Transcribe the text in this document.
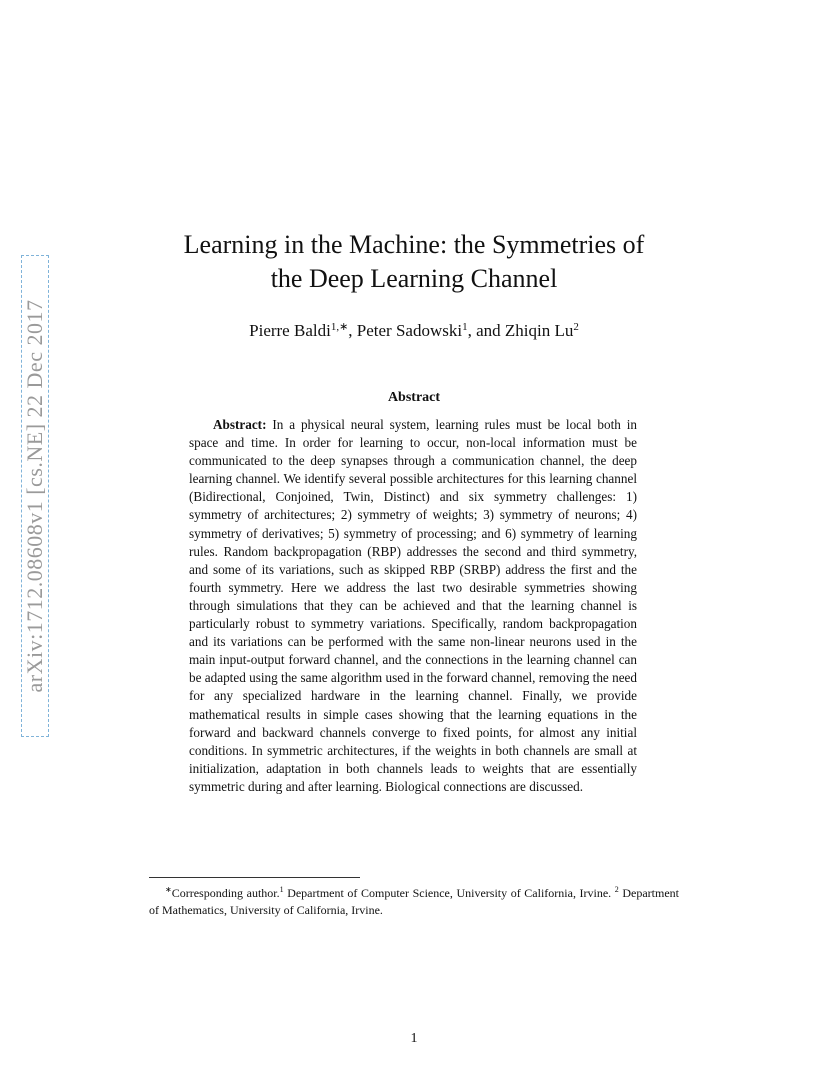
arXiv:1712.08608v1 [cs.NE] 22 Dec 2017
Learning in the Machine: the Symmetries of
the Deep Learning Channel
Pierre Baldi$^{1,∗}$, Peter Sadowski$^1$, and Zhiqin Lu$^2$
Abstract

Abstract: In a physical neural system, learning rules must be local both in space and time. In order for learning to occur, non-local information must be communicated to the deep synapses through a communication channel, the deep learning channel. We identify several possible architectures for this learning channel (Bidirectional, Conjoined, Twin, Distinct) and six symmetry challenges: 1) symmetry of architectures; 2) symmetry of weights; 3) symmetry of neurons; 4) symmetry of derivatives; 5) symmetry of processing; and 6) symmetry of learning rules. Random backpropagation (RBP) addresses the second and third symmetry, and some of its variations, such as skipped RBP (SRBP) address the first and the fourth symmetry. Here we address the last two desirable symmetries showing through simulations that they can be achieved and that the learning channel is particularly robust to symmetry variations. Specifically, random backpropagation and its variations can be performed with the same non-linear neurons used in the main input-output forward channel, and the connections in the learning channel can be adapted using the same algorithm used in the forward channel, removing the need for any specialized hardware in the learning channel. Finally, we provide mathematical results in simple cases showing that the learning equations in the forward and backward channels converge to fixed points, for almost any initial conditions. In symmetric architectures, if the weights in both channels are small at initialization, adaptation in both channels leads to weights that are essentially symmetric during and after learning. Biological connections are discussed.

∗Corresponding author.$^1$ Department of Computer Science, University of California, Irvine. $^2$ Department of Mathematics, University of California, Irvine.

1
